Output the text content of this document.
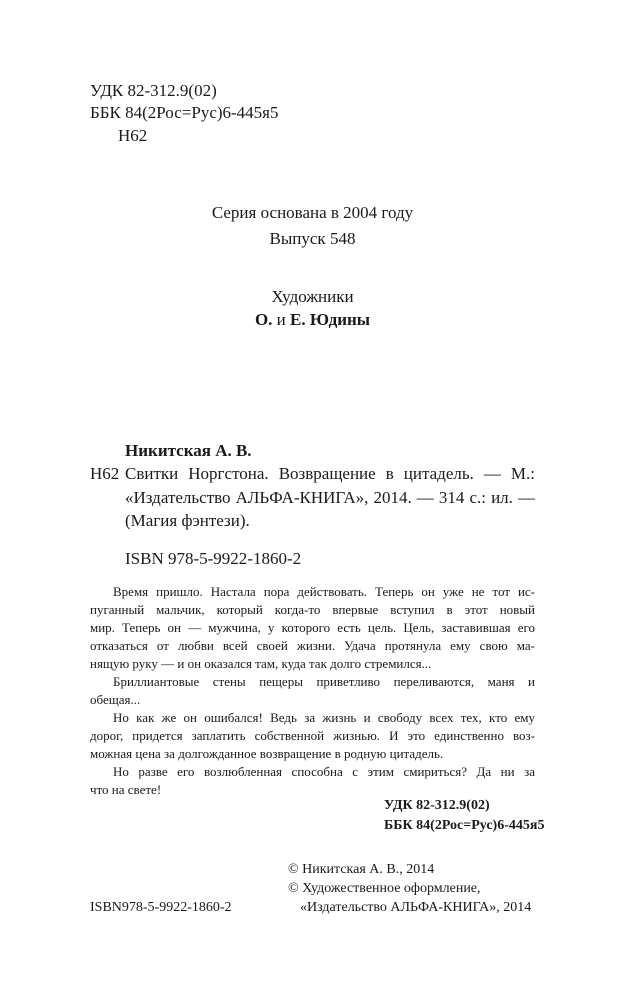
УДК 82-312.9(02)
ББК 84(2Рос=Рус)6-445я5
Н62
Серия основана в 2004 году
Выпуск 548
Художники
О. и Е. Юдины
Никитская А. В.
Н62 Свитки Норгстона. Возвращение в цитадель. — М.:
«Издательство АЛЬФА-КНИГА», 2014. — 314 с.: ил. —
(Магия фэнтези).
ISBN 978-5-9922-1860-2
Время пришло. Настала пора действовать. Теперь он уже не тот ис-
пуганный мальчик, который когда-то впервые вступил в этот новый
мир. Теперь он — мужчина, у которого есть цель. Цель, заставившая его
отказаться от любви всей своей жизни. Удача протянула ему свою ма-
нящую руку — и он оказался там, куда так долго стремился...
Бриллиантовые стены пещеры приветливо переливаются, маня и
обещая...
Но как же он ошибался! Ведь за жизнь и свободу всех тех, кто ему
дорог, придется заплатить собственной жизнью. И это единственно воз-
можная цена за долгожданное возвращение в родную цитадель.
Но разве его возлюбленная способна с этим смириться? Да ни за
что на свете!
УДК 82-312.9(02)
ББК 84(2Рос=Рус)6-445я5
© Никитская А. В., 2014
© Художественное оформление,
«Издательство АЛЬФА-КНИГА», 2014
ISBN978-5-9922-1860-2
